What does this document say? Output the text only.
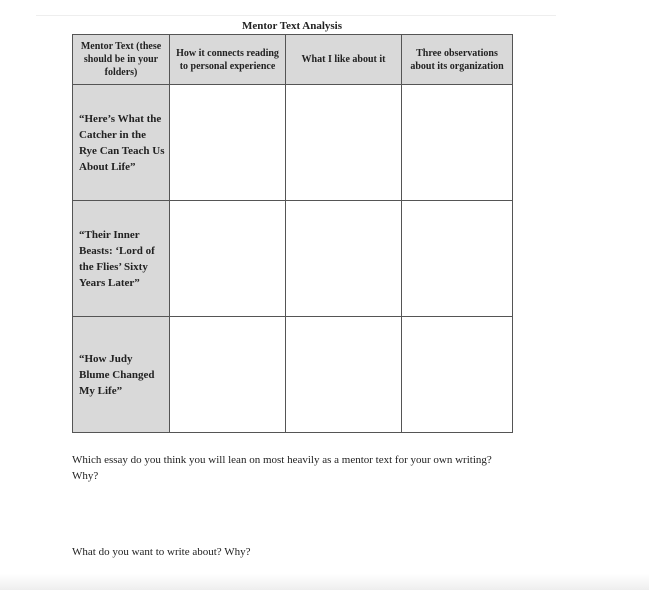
Mentor Text Analysis
Mentor Text (these should be in your folders)	How it connects reading to personal experience	What I like about it	Three observations about its organization

“Here’s What the Catcher in the Rye Can Teach Us About Life”			

“Their Inner Beasts: ‘Lord of the Flies’ Sixty Years Later”			

“How Judy Blume Changed My Life”			

Which essay do you think you will lean on most heavily as a mentor text for your own writing? Why?
What do you want to write about? Why?
